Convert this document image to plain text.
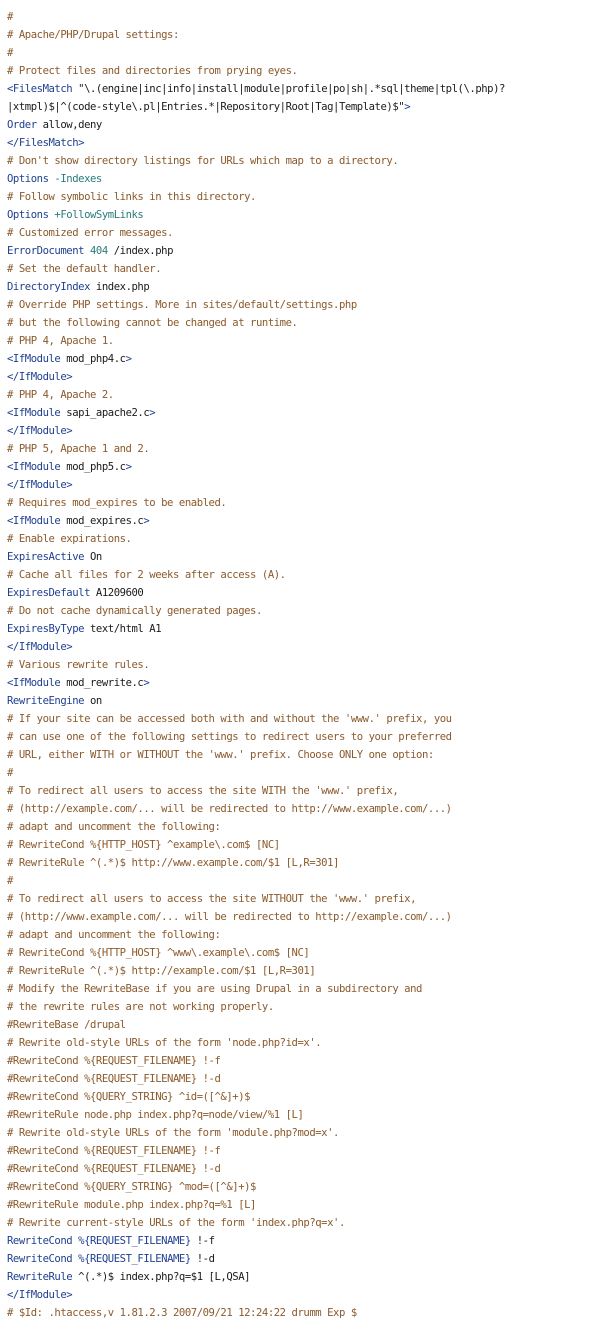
#
# Apache/PHP/Drupal settings:
#
# Protect files and directories from prying eyes.
<FilesMatch "\.(engine|inc|info|install|module|profile|po|sh|.*sql|theme|tpl(\.php)?
|xtmpl)$|^(code-style\.pl|Entries.*|Repository|Root|Tag|Template)$">
Order allow,deny
</FilesMatch>
# Don't show directory listings for URLs which map to a directory.
Options -Indexes
# Follow symbolic links in this directory.
Options +FollowSymLinks
# Customized error messages.
ErrorDocument 404 /index.php
# Set the default handler.
DirectoryIndex index.php
# Override PHP settings. More in sites/default/settings.php
# but the following cannot be changed at runtime.
# PHP 4, Apache 1.
<IfModule mod_php4.c>
</IfModule>
# PHP 4, Apache 2.
<IfModule sapi_apache2.c>
</IfModule>
# PHP 5, Apache 1 and 2.
<IfModule mod_php5.c>
</IfModule>
# Requires mod_expires to be enabled.
<IfModule mod_expires.c>
# Enable expirations.
ExpiresActive On
# Cache all files for 2 weeks after access (A).
ExpiresDefault A1209600
# Do not cache dynamically generated pages.
ExpiresByType text/html A1
</IfModule>
# Various rewrite rules.
<IfModule mod_rewrite.c>
RewriteEngine on
# If your site can be accessed both with and without the 'www.' prefix, you
# can use one of the following settings to redirect users to your preferred
# URL, either WITH or WITHOUT the 'www.' prefix. Choose ONLY one option:
#
# To redirect all users to access the site WITH the 'www.' prefix,
# (http://example.com/... will be redirected to http://www.example.com/...)
# adapt and uncomment the following:
# RewriteCond %{HTTP_HOST} ^example\.com$ [NC]
# RewriteRule ^(.*)$ http://www.example.com/$1 [L,R=301]
#
# To redirect all users to access the site WITHOUT the 'www.' prefix,
# (http://www.example.com/... will be redirected to http://example.com/...)
# adapt and uncomment the following:
# RewriteCond %{HTTP_HOST} ^www\.example\.com$ [NC]
# RewriteRule ^(.*)$ http://example.com/$1 [L,R=301]
# Modify the RewriteBase if you are using Drupal in a subdirectory and
# the rewrite rules are not working properly.
#RewriteBase /drupal
# Rewrite old-style URLs of the form 'node.php?id=x'.
#RewriteCond %{REQUEST_FILENAME} !-f
#RewriteCond %{REQUEST_FILENAME} !-d
#RewriteCond %{QUERY_STRING} ^id=([^&]+)$
#RewriteRule node.php index.php?q=node/view/%1 [L]
# Rewrite old-style URLs of the form 'module.php?mod=x'.
#RewriteCond %{REQUEST_FILENAME} !-f
#RewriteCond %{REQUEST_FILENAME} !-d
#RewriteCond %{QUERY_STRING} ^mod=([^&]+)$
#RewriteRule module.php index.php?q=%1 [L]
# Rewrite current-style URLs of the form 'index.php?q=x'.
RewriteCond %{REQUEST_FILENAME} !-f
RewriteCond %{REQUEST_FILENAME} !-d
RewriteRule ^(.*)$ index.php?q=$1 [L,QSA]
</IfModule>
# $Id: .htaccess,v 1.81.2.3 2007/09/21 12:24:22 drumm Exp $
